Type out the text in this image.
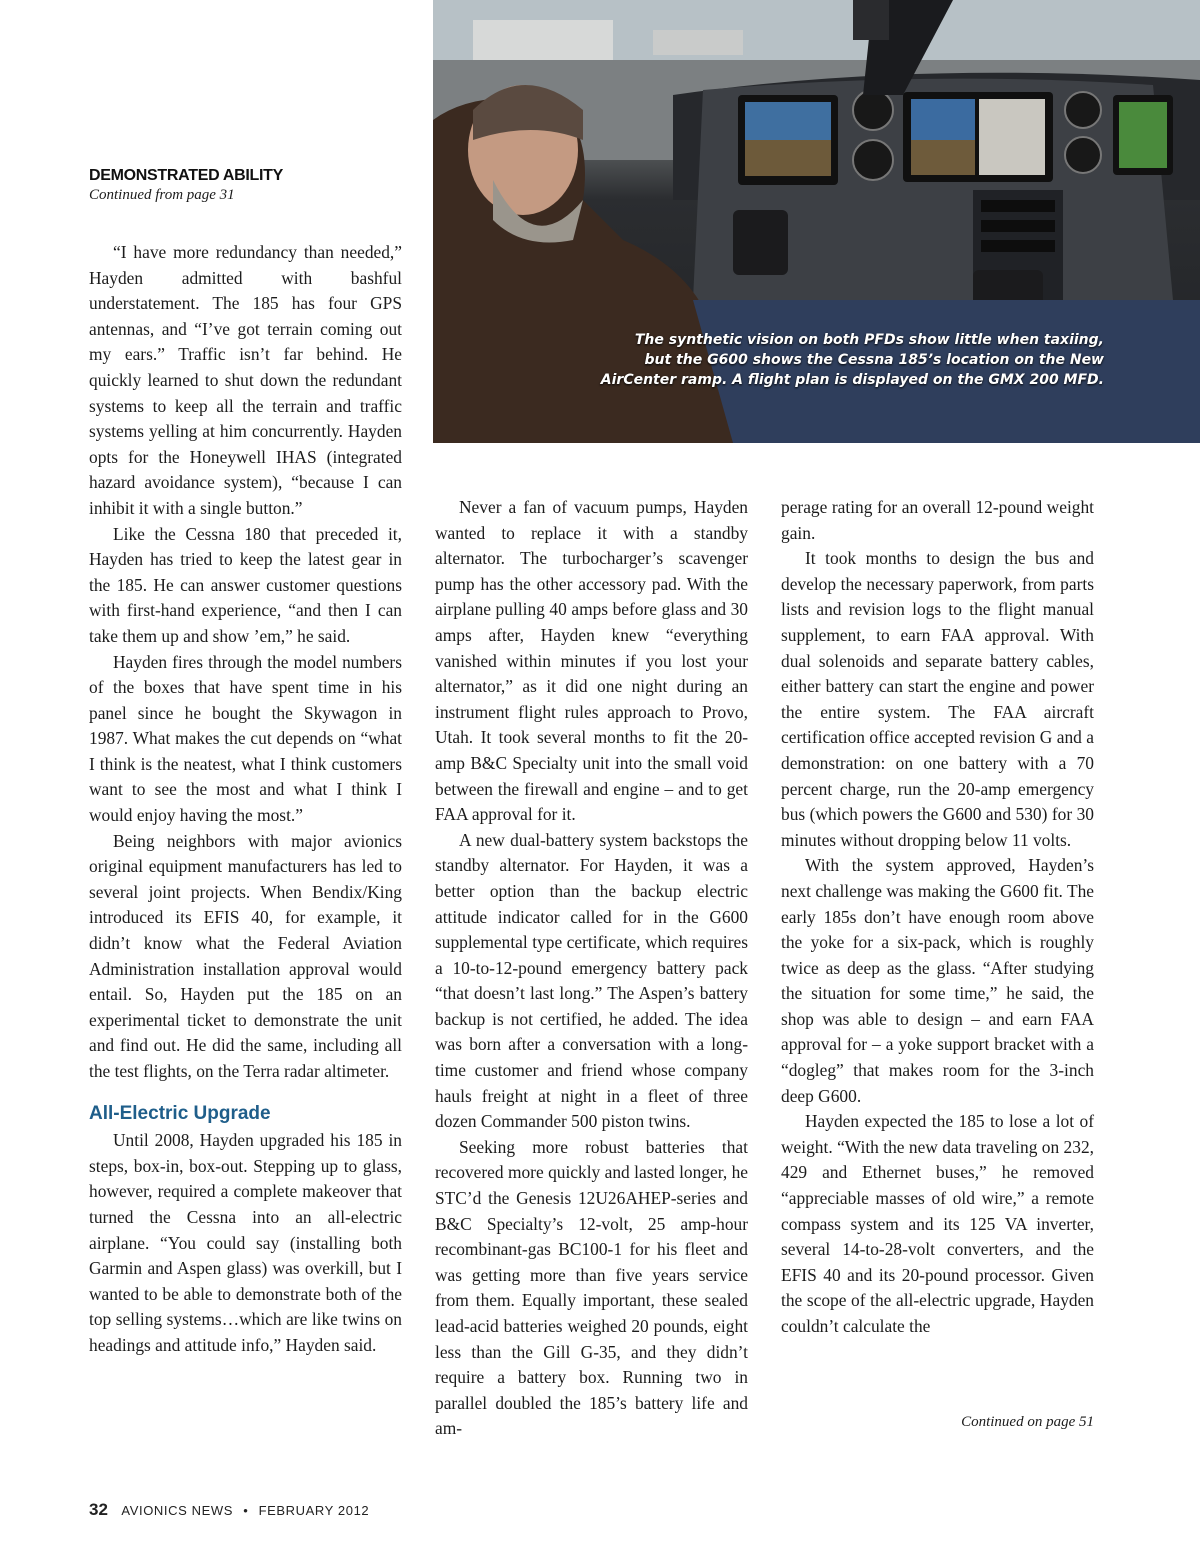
The synthetic vision on both PFDs show little when taxiing,
but the G600 shows the Cessna 185’s location on the New
AirCenter ramp. A flight plan is displayed on the GMX 200 MFD.
DEMONSTRATED ABILITY
Continued from page 31

“I have more redundancy than needed,” Hayden admitted with bashful understatement. The 185 has four GPS antennas, and “I’ve got terrain coming out my ears.” Traffic isn’t far behind. He quickly learned to shut down the redundant systems to keep all the terrain and traffic systems yelling at him concurrently. Hayden opts for the Honeywell IHAS (integrated hazard avoidance system), “because I can inhibit it with a single button.”

Like the Cessna 180 that preceded it, Hayden has tried to keep the latest gear in the 185. He can answer customer questions with first-hand experience, “and then I can take them up and show ’em,” he said.

Hayden fires through the model numbers of the boxes that have spent time in his panel since he bought the Skywagon in 1987. What makes the cut depends on “what I think is the neatest, what I think customers want to see the most and what I think I would enjoy having the most.”

Being neighbors with major avionics original equipment manufacturers has led to several joint projects. When Bendix/King introduced its EFIS 40, for example, it didn’t know what the Federal Aviation Administration installation approval would entail. So, Hayden put the 185 on an experimental ticket to demonstrate the unit and find out. He did the same, including all the test flights, on the Terra radar altimeter.

All-Electric Upgrade

Until 2008, Hayden upgraded his 185 in steps, box-in, box-out. Stepping up to glass, however, required a complete makeover that turned the Cessna into an all-electric airplane. “You could say (installing both Garmin and Aspen glass) was overkill, but I wanted to be able to demonstrate both of the top selling systems…which are like twins on headings and attitude info,” Hayden said.

Never a fan of vacuum pumps, Hayden wanted to replace it with a standby alternator. The turbocharger’s scavenger pump has the other accessory pad. With the airplane pulling 40 amps before glass and 30 amps after, Hayden knew “everything vanished within minutes if you lost your alternator,” as it did one night during an instrument flight rules approach to Provo, Utah. It took several months to fit the 20-amp B&C Specialty unit into the small void between the firewall and engine – and to get FAA approval for it.

A new dual-battery system backstops the standby alternator. For Hayden, it was a better option than the backup electric attitude indicator called for in the G600 supplemental type certificate, which requires a 10-to-12-pound emergency battery pack “that doesn’t last long.” The Aspen’s battery backup is not certified, he added. The idea was born after a conversation with a long-time customer and friend whose company hauls freight at night in a fleet of three dozen Commander 500 piston twins.

Seeking more robust batteries that recovered more quickly and lasted longer, he STC’d the Genesis 12U26AHEP-series and B&C Specialty’s 12-volt, 25 amp-hour recombinant-gas BC100-1 for his fleet and was getting more than five years service from them. Equally important, these sealed lead-acid batteries weighed 20 pounds, eight less than the Gill G-35, and they didn’t require a battery box. Running two in parallel doubled the 185’s battery life and am-

perage rating for an overall 12-pound weight gain.

It took months to design the bus and develop the necessary paperwork, from parts lists and revision logs to the flight manual supplement, to earn FAA approval. With dual solenoids and separate battery cables, either battery can start the engine and power the entire system. The FAA aircraft certification office accepted revision G and a demonstration: on one battery with a 70 percent charge, run the 20-amp emergency bus (which powers the G600 and 530) for 30 minutes without dropping below 11 volts.

With the system approved, Hayden’s next challenge was making the G600 fit. The early 185s don’t have enough room above the yoke for a six-pack, which is roughly twice as deep as the glass. “After studying the situation for some time,” he said, the shop was able to design – and earn FAA approval for – a yoke support bracket with a “dogleg” that makes room for the 3-inch deep G600.

Hayden expected the 185 to lose a lot of weight. “With the new data traveling on 232, 429 and Ethernet buses,” he removed “appreciable masses of old wire,” a remote compass system and its 125 VA inverter, several 14-to-28-volt converters, and the EFIS 40 and its 20-pound processor. Given the scope of the all-electric upgrade, Hayden couldn’t calculate the

Continued on page 51
32 AVIONICS NEWS • FEBRUARY 2012
